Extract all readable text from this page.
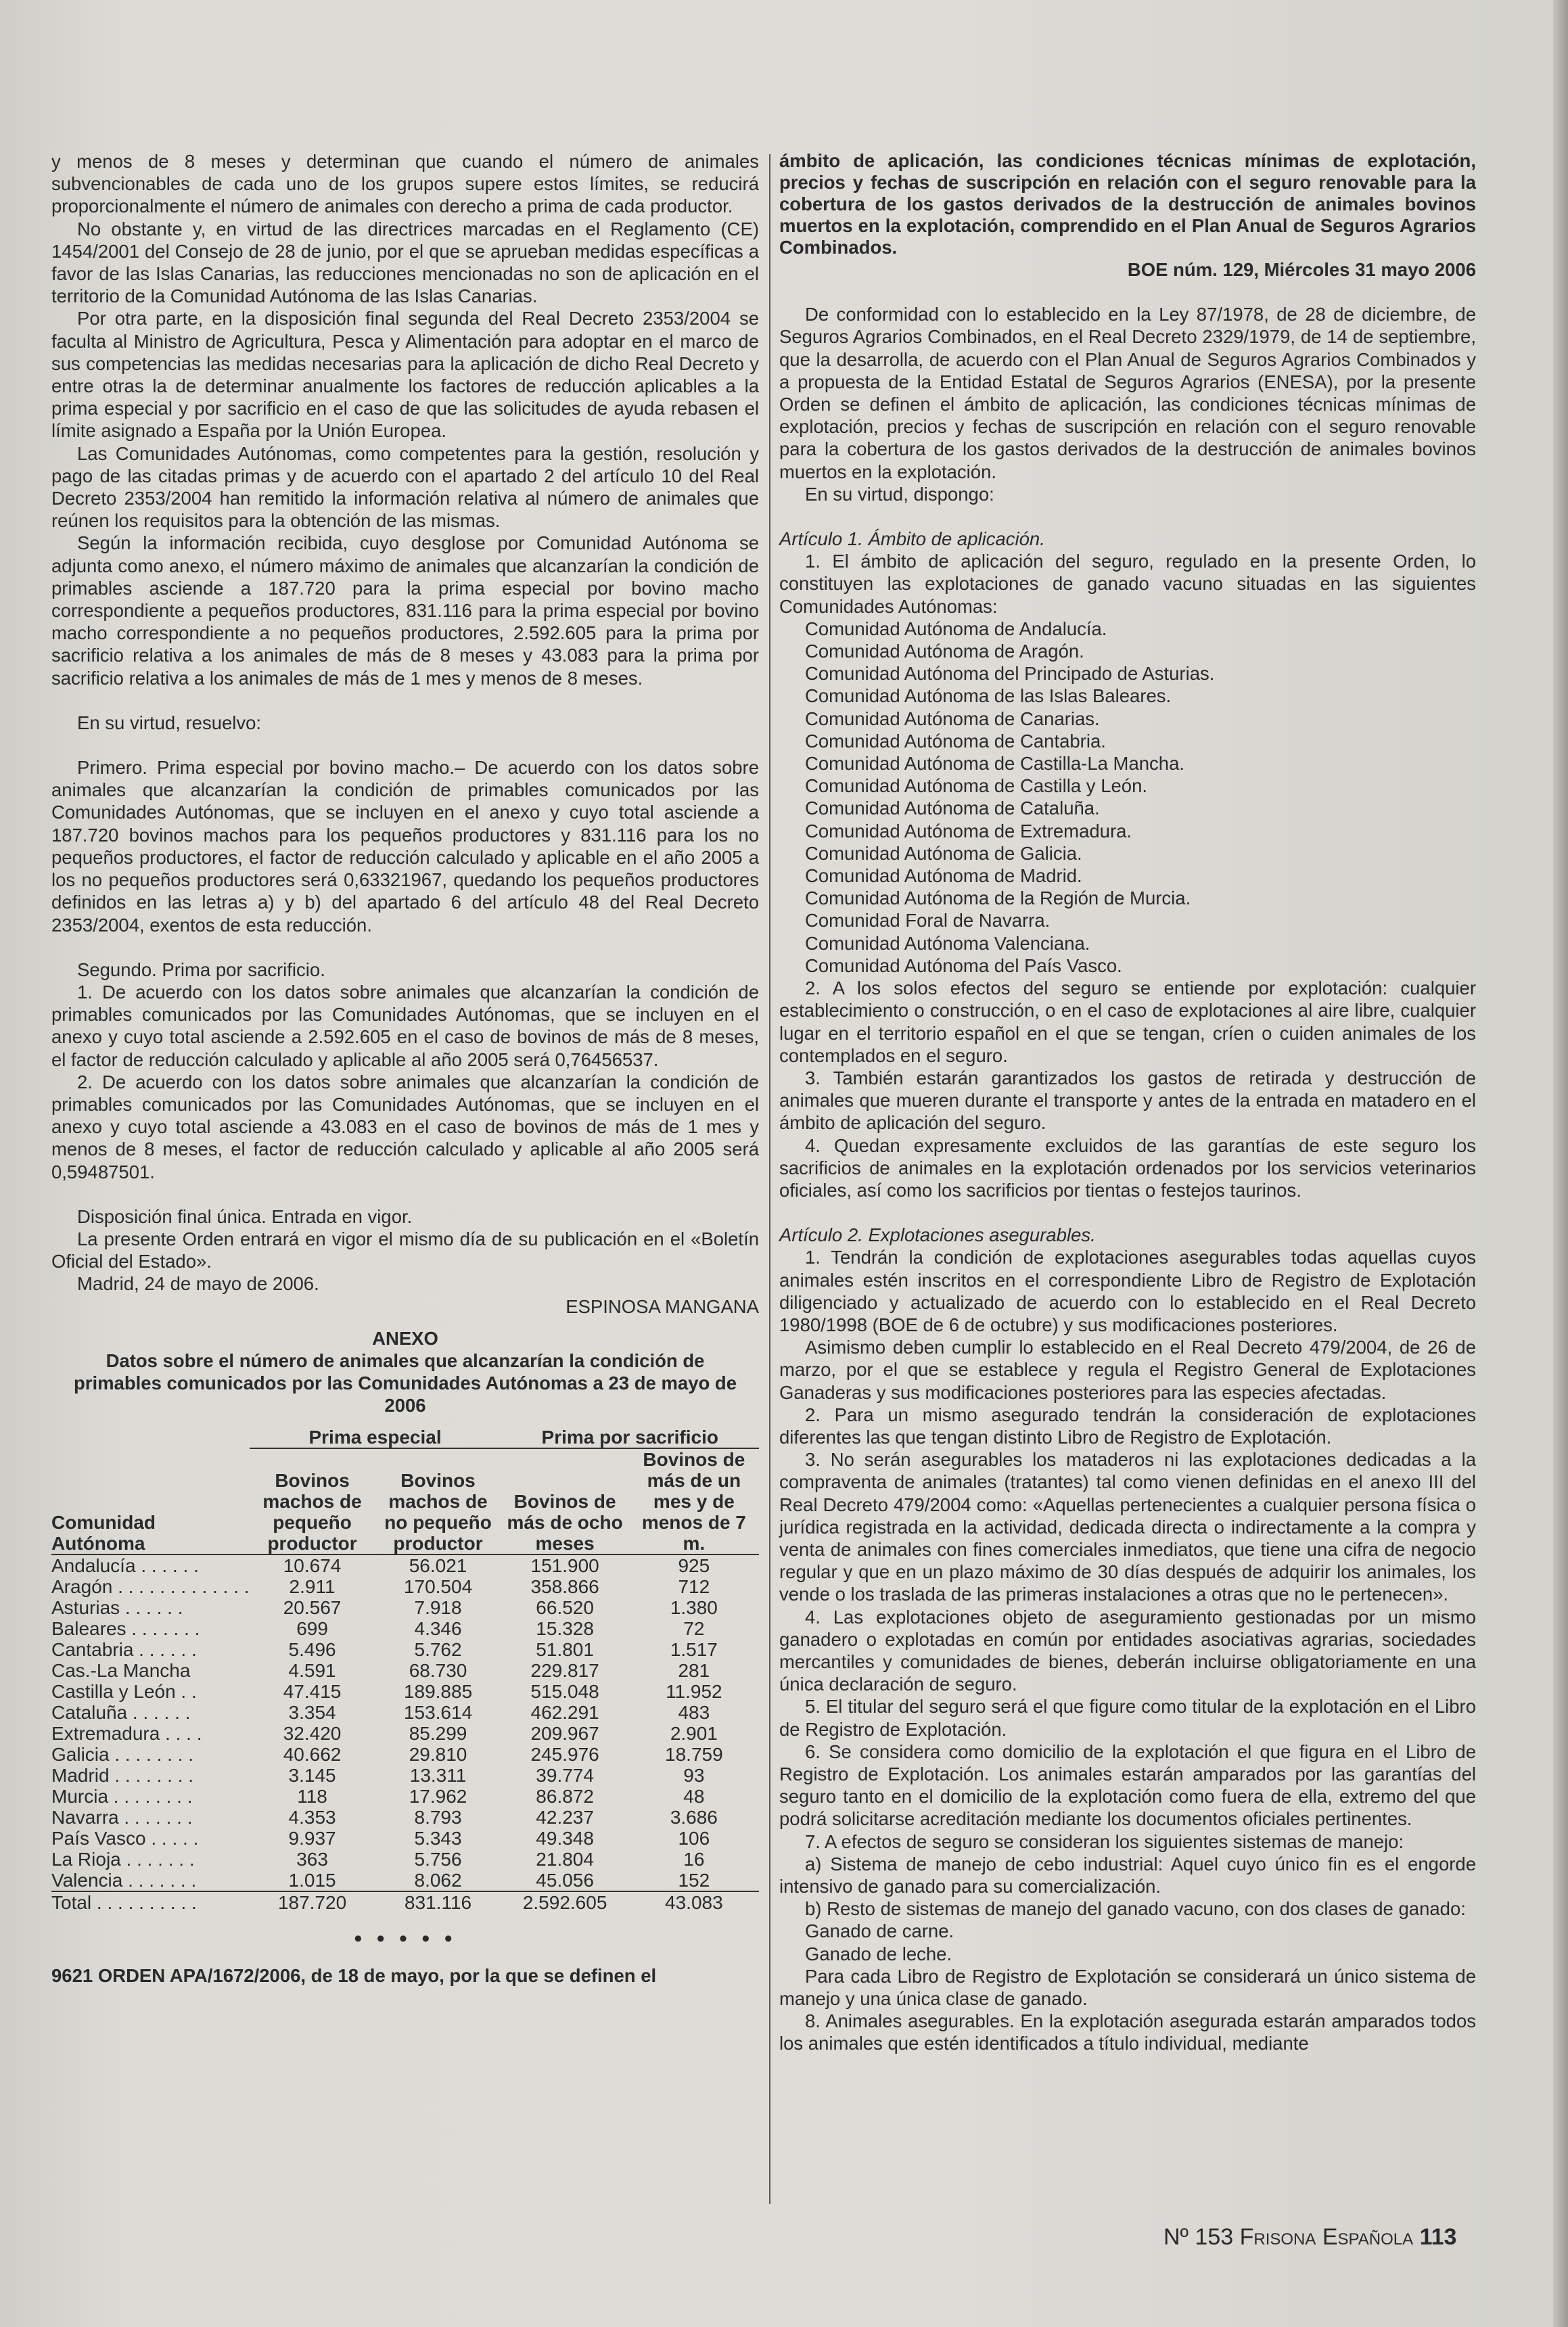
y menos de 8 meses y determinan que cuando el número de animales subvencionables de cada uno de los grupos supere estos límites, se reducirá proporcionalmente el número de animales con derecho a prima de cada productor.

No obstante y, en virtud de las directrices marcadas en el Reglamento (CE) 1454/2001 del Consejo de 28 de junio, por el que se aprueban medidas específicas a favor de las Islas Canarias, las reducciones mencionadas no son de aplicación en el territorio de la Comunidad Autónoma de las Islas Canarias.

Por otra parte, en la disposición final segunda del Real Decreto 2353/2004 se faculta al Ministro de Agricultura, Pesca y Alimentación para adoptar en el marco de sus competencias las medidas necesarias para la aplicación de dicho Real Decreto y entre otras la de determinar anualmente los factores de reducción aplicables a la prima especial y por sacrificio en el caso de que las solicitudes de ayuda rebasen el límite asignado a España por la Unión Europea.

Las Comunidades Autónomas, como competentes para la gestión, resolución y pago de las citadas primas y de acuerdo con el apartado 2 del artículo 10 del Real Decreto 2353/2004 han remitido la información relativa al número de animales que reúnen los requisitos para la obtención de las mismas.

Según la información recibida, cuyo desglose por Comunidad Autónoma se adjunta como anexo, el número máximo de animales que alcanzarían la condición de primables asciende a 187.720 para la prima especial por bovino macho correspondiente a pequeños productores, 831.116 para la prima especial por bovino macho correspondiente a no pequeños productores, 2.592.605 para la prima por sacrificio relativa a los animales de más de 8 meses y 43.083 para la prima por sacrificio relativa a los animales de más de 1 mes y menos de 8 meses.

En su virtud, resuelvo:

Primero. Prima especial por bovino macho.– De acuerdo con los datos sobre animales que alcanzarían la condición de primables comunicados por las Comunidades Autónomas, que se incluyen en el anexo y cuyo total asciende a 187.720 bovinos machos para los pequeños productores y 831.116 para los no pequeños productores, el factor de reducción calculado y aplicable en el año 2005 a los no pequeños productores será 0,63321967, quedando los pequeños productores definidos en las letras a) y b) del apartado 6 del artículo 48 del Real Decreto 2353/2004, exentos de esta reducción.

Segundo. Prima por sacrificio.

1. De acuerdo con los datos sobre animales que alcanzarían la condición de primables comunicados por las Comunidades Autónomas, que se incluyen en el anexo y cuyo total asciende a 2.592.605 en el caso de bovinos de más de 8 meses, el factor de reducción calculado y aplicable al año 2005 será 0,76456537.

2. De acuerdo con los datos sobre animales que alcanzarían la condición de primables comunicados por las Comunidades Autónomas, que se incluyen en el anexo y cuyo total asciende a 43.083 en el caso de bovinos de más de 1 mes y menos de 8 meses, el factor de reducción calculado y aplicable al año 2005 será 0,59487501.

Disposición final única. Entrada en vigor.

La presente Orden entrará en vigor el mismo día de su publicación en el «Boletín Oficial del Estado».

Madrid, 24 de mayo de 2006.

ESPINOSA MANGANA

ANEXO

Datos sobre el número de animales que alcanzarían la condición de primables comunicados por las Comunidades Autónomas a 23 de mayo de 2006

	Prima especial		Prima por sacrificio	
Comunidad Autónoma	Bovinos machos de pequeño productor	Bovinos machos de no pequeño productor	Bovinos de más de ocho meses	Bovinos de más de un mes y de menos de 7 m.
Andalucía . . . . . .	10.674	56.021	151.900	925
Aragón . . . . . . . . . . . . .	2.911	170.504	358.866	712
Asturias . . . . . .	20.567	7.918	66.520	1.380
Baleares . . . . . . .	699	4.346	15.328	72
Cantabria . . . . . .	5.496	5.762	51.801	1.517
Cas.-La Mancha	4.591	68.730	229.817	281
Castilla y León . .	47.415	189.885	515.048	11.952
Cataluña . . . . . .	3.354	153.614	462.291	483
Extremadura . . . .	32.420	85.299	209.967	2.901
Galicia . . . . . . . .	40.662	29.810	245.976	18.759
Madrid . . . . . . . .	3.145	13.311	39.774	93
Murcia . . . . . . . .	118	17.962	86.872	48
Navarra . . . . . . .	4.353	8.793	42.237	3.686
País Vasco . . . . .	9.937	5.343	49.348	106
La Rioja . . . . . . .	363	5.756	21.804	16
Valencia . . . . . . .	1.015	8.062	45.056	152
Total . . . . . . . . . .	187.720	831.116	2.592.605	43.083
• • • • •

9621 ORDEN APA/1672/2006, de 18 de mayo, por la que se definen el

ámbito de aplicación, las condiciones técnicas mínimas de explotación, precios y fechas de suscripción en relación con el seguro renovable para la cobertura de los gastos derivados de la destrucción de animales bovinos muertos en la explotación, comprendido en el Plan Anual de Seguros Agrarios Combinados.

BOE núm. 129, Miércoles 31 mayo 2006

De conformidad con lo establecido en la Ley 87/1978, de 28 de diciembre, de Seguros Agrarios Combinados, en el Real Decreto 2329/1979, de 14 de septiembre, que la desarrolla, de acuerdo con el Plan Anual de Seguros Agrarios Combinados y a propuesta de la Entidad Estatal de Seguros Agrarios (ENESA), por la presente Orden se definen el ámbito de aplicación, las condiciones técnicas mínimas de explotación, precios y fechas de suscripción en relación con el seguro renovable para la cobertura de los gastos derivados de la destrucción de animales bovinos muertos en la explotación.

En su virtud, dispongo:

Artículo 1. Ámbito de aplicación.

1. El ámbito de aplicación del seguro, regulado en la presente Orden, lo constituyen las explotaciones de ganado vacuno situadas en las siguientes Comunidades Autónomas:

Comunidad Autónoma de Andalucía.

Comunidad Autónoma de Aragón.

Comunidad Autónoma del Principado de Asturias.

Comunidad Autónoma de las Islas Baleares.

Comunidad Autónoma de Canarias.

Comunidad Autónoma de Cantabria.

Comunidad Autónoma de Castilla-La Mancha.

Comunidad Autónoma de Castilla y León.

Comunidad Autónoma de Cataluña.

Comunidad Autónoma de Extremadura.

Comunidad Autónoma de Galicia.

Comunidad Autónoma de Madrid.

Comunidad Autónoma de la Región de Murcia.

Comunidad Foral de Navarra.

Comunidad Autónoma Valenciana.

Comunidad Autónoma del País Vasco.

2. A los solos efectos del seguro se entiende por explotación: cualquier establecimiento o construcción, o en el caso de explotaciones al aire libre, cualquier lugar en el territorio español en el que se tengan, críen o cuiden animales de los contemplados en el seguro.

3. También estarán garantizados los gastos de retirada y destrucción de animales que mueren durante el transporte y antes de la entrada en matadero en el ámbito de aplicación del seguro.

4. Quedan expresamente excluidos de las garantías de este seguro los sacrificios de animales en la explotación ordenados por los servicios veterinarios oficiales, así como los sacrificios por tientas o festejos taurinos.

Artículo 2. Explotaciones asegurables.

1. Tendrán la condición de explotaciones asegurables todas aquellas cuyos animales estén inscritos en el correspondiente Libro de Registro de Explotación diligenciado y actualizado de acuerdo con lo establecido en el Real Decreto 1980/1998 (BOE de 6 de octubre) y sus modificaciones posteriores.

Asimismo deben cumplir lo establecido en el Real Decreto 479/2004, de 26 de marzo, por el que se establece y regula el Registro General de Explotaciones Ganaderas y sus modificaciones posteriores para las especies afectadas.

2. Para un mismo asegurado tendrán la consideración de explotaciones diferentes las que tengan distinto Libro de Registro de Explotación.

3. No serán asegurables los mataderos ni las explotaciones dedicadas a la compraventa de animales (tratantes) tal como vienen definidas en el anexo III del Real Decreto 479/2004 como: «Aquellas pertenecientes a cualquier persona física o jurídica registrada en la actividad, dedicada directa o indirectamente a la compra y venta de animales con fines comerciales inmediatos, que tiene una cifra de negocio regular y que en un plazo máximo de 30 días después de adquirir los animales, los vende o los traslada de las primeras instalaciones a otras que no le pertenecen».

4. Las explotaciones objeto de aseguramiento gestionadas por un mismo ganadero o explotadas en común por entidades asociativas agrarias, sociedades mercantiles y comunidades de bienes, deberán incluirse obligatoriamente en una única declaración de seguro.

5. El titular del seguro será el que figure como titular de la explotación en el Libro de Registro de Explotación.

6. Se considera como domicilio de la explotación el que figura en el Libro de Registro de Explotación. Los animales estarán amparados por las garantías del seguro tanto en el domicilio de la explotación como fuera de ella, extremo del que podrá solicitarse acreditación mediante los documentos oficiales pertinentes.

7. A efectos de seguro se consideran los siguientes sistemas de manejo:

a) Sistema de manejo de cebo industrial: Aquel cuyo único fin es el engorde intensivo de ganado para su comercialización.

b) Resto de sistemas de manejo del ganado vacuno, con dos clases de ganado:

Ganado de carne.

Ganado de leche.

Para cada Libro de Registro de Explotación se considerará un único sistema de manejo y una única clase de ganado.

8. Animales asegurables. En la explotación asegurada estarán amparados todos los animales que estén identificados a título individual, mediante

Nº 153 Frisona Española 113
